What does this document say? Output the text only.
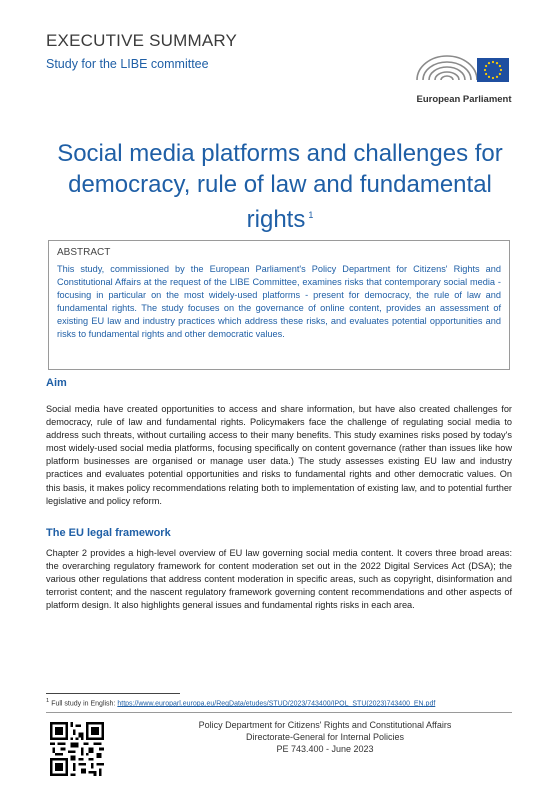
EXECUTIVE SUMMARY
Study for the LIBE committee
European Parliament
Social media platforms and challenges for
democracy, rule of law and fundamental
rights $^1$
ABSTRACT
This study, commissioned by the European Parliament's Policy Department for Citizens' Rights and Constitutional Affairs at the request of the LIBE Committee, examines risks that contemporary social media - focusing in particular on the most widely-used platforms - present for democracy, the rule of law and fundamental rights. The study focuses on the governance of online content, provides an assessment of existing EU law and industry practices which address these risks, and evaluates potential opportunities and risks to fundamental rights and other democratic values.
Aim
Social media have created opportunities to access and share information, but have also created challenges for democracy, rule of law and fundamental rights. Policymakers face the challenge of regulating social media to address such threats, without curtailing access to their many benefits. This study examines risks posed by today's most widely-used social media platforms, focusing specifically on content governance (rather than issues like how platform businesses are organised or manage user data.) The study assesses existing EU law and industry practices and evaluates potential opportunities and risks to fundamental rights and other democratic values. On this basis, it makes policy recommendations relating both to implementation of existing law, and to potential further legislative and policy reform.
The EU legal framework
Chapter 2 provides a high-level overview of EU law governing social media content. It covers three broad areas: the overarching regulatory framework for content moderation set out in the 2022 Digital Services Act (DSA); the various other regulations that address content moderation in specific areas, such as copyright, disinformation and terrorist content; and the nascent regulatory framework governing content recommendations and other aspects of platform design. It also highlights general issues and fundamental rights risks in each area.
$^1$ Full study in English: https://www.europarl.europa.eu/RegData/etudes/STUD/2023/743400/IPOL_STU(2023)743400_EN.pdf
Policy Department for Citizens' Rights and Constitutional Affairs
Directorate-General for Internal Policies
PE 743.400 - June 2023
